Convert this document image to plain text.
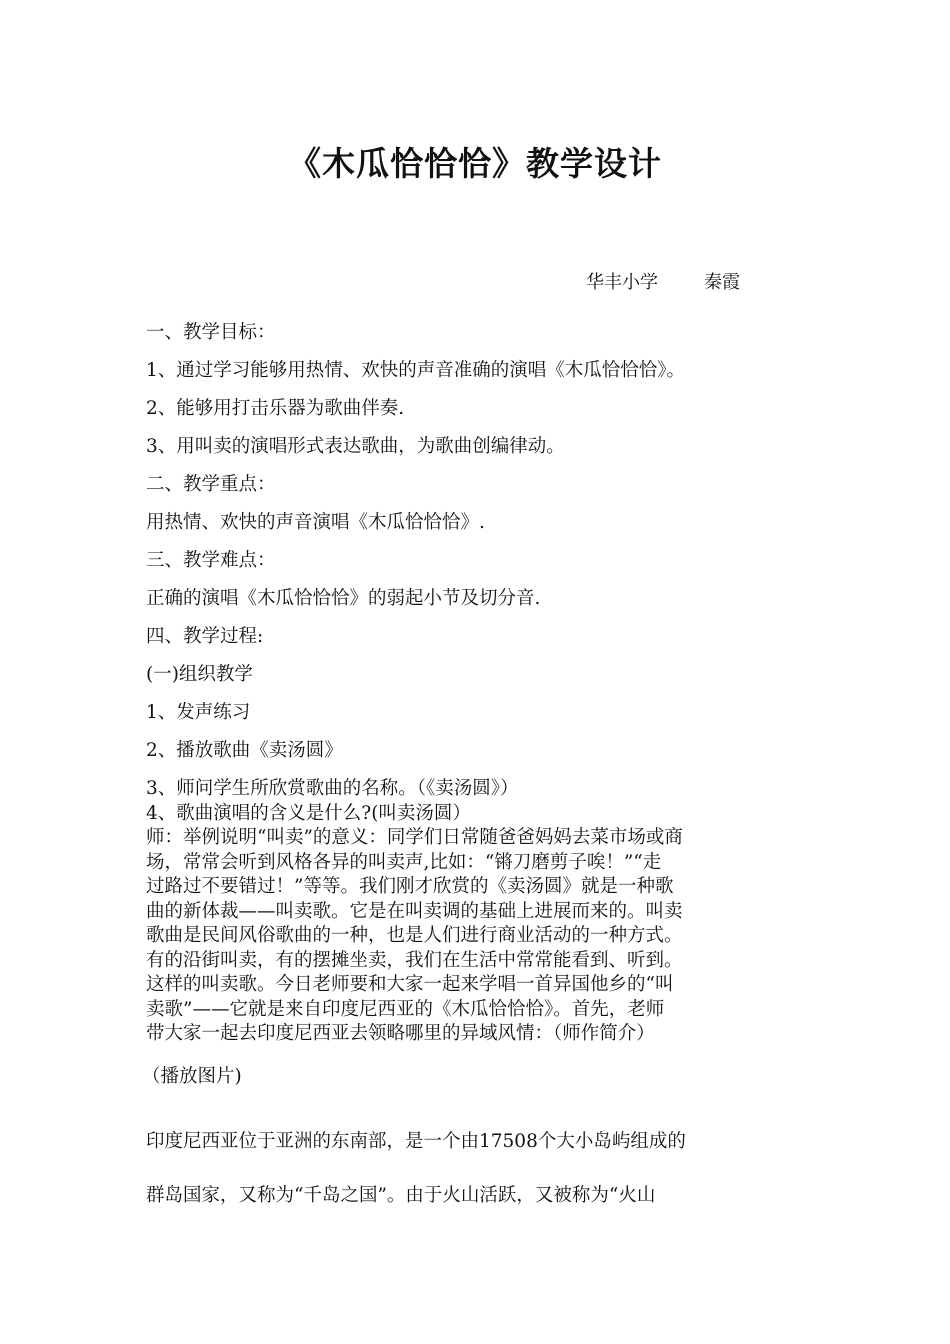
《木瓜恰恰恰》教学设计
华丰小学	秦霞
一、教学目标：
1、通过学习能够用热情、欢快的声音准确的演唱《木瓜恰恰恰》。
2、能够用打击乐器为歌曲伴奏.
3、用叫卖的演唱形式表达歌曲，为歌曲创编律动。
二、教学重点：
用热情、欢快的声音演唱《木瓜恰恰恰》.
三、教学难点：
正确的演唱《木瓜恰恰恰》的弱起小节及切分音.
四、教学过程:
(一)组织教学
1、发声练习
2、播放歌曲《卖汤圆》
3、师问学生所欣赏歌曲的名称。（《卖汤圆》）
4、歌曲演唱的含义是什么?(叫卖汤圆）
师：举例说明“叫卖”的意义：同学们日常随爸爸妈妈去菜市场或商
场，常常会听到风格各异的叫卖声,比如：“锵刀磨剪子唉！”“走
过路过不要错过！”等等。我们刚才欣赏的《卖汤圆》就是一种歌
曲的新体裁——叫卖歌。它是在叫卖调的基础上进展而来的。叫卖
歌曲是民间风俗歌曲的一种，也是人们进行商业活动的一种方式。
有的沿街叫卖，有的摆摊坐卖，我们在生活中常常能看到、听到。
这样的叫卖歌。今日老师要和大家一起来学唱一首异国他乡的“叫
卖歌”——它就是来自印度尼西亚的《木瓜恰恰恰》。首先，老师
带大家一起去印度尼西亚去领略哪里的异域风情：（师作简介）
（播放图片)
印度尼西亚位于亚洲的东南部，是一个由17508个大小岛屿组成的
群岛国家，又称为“千岛之国”。由于火山活跃，又被称为“火山
